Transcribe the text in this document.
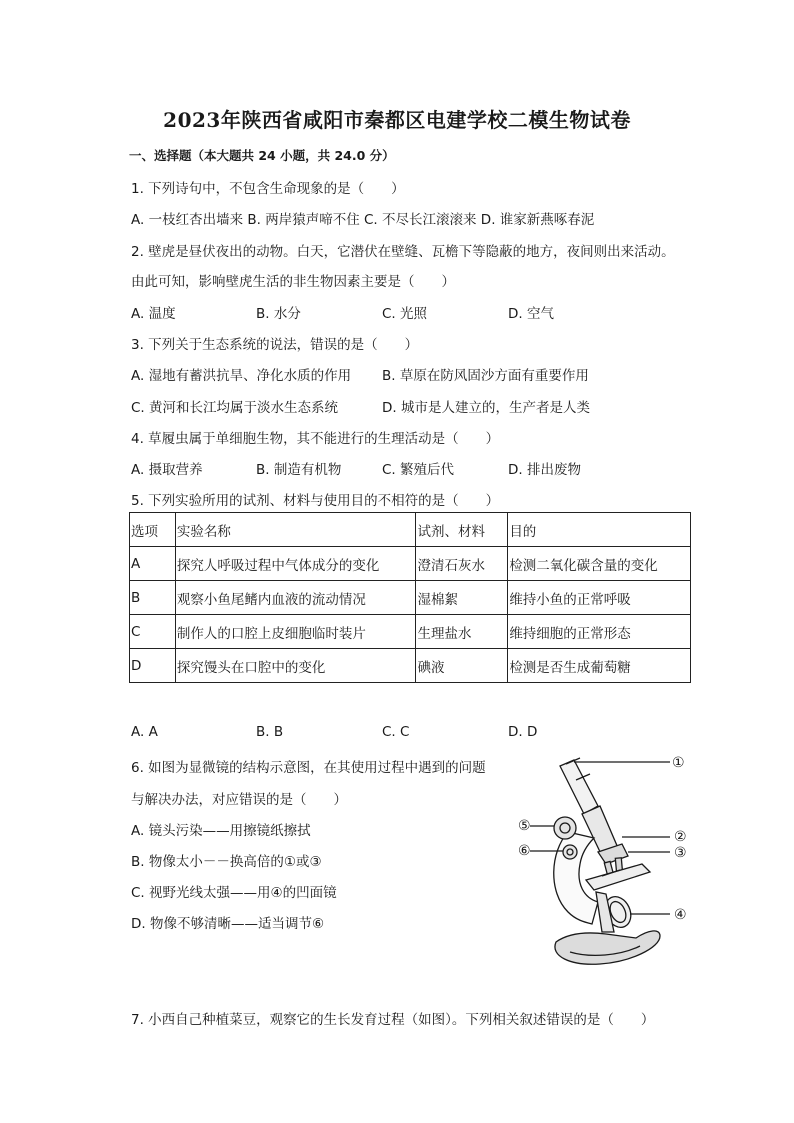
2023年陕西省咸阳市秦都区电建学校二模生物试卷
一、选择题（本大题共 24 小题，共 24.0 分）
1. 下列诗句中，不包含生命现象的是（　　）
A. 一枝红杏出墙来 B. 两岸猿声啼不住 C. 不尽长江滚滚来 D. 谁家新燕啄春泥
2. 壁虎是昼伏夜出的动物。白天，它潜伏在壁缝、瓦檐下等隐蔽的地方，夜间则出来活动。
由此可知，影响壁虎生活的非生物因素主要是（　　）
A. 温度	B. 水分	C. 光照	D. 空气
3. 下列关于生态系统的说法，错误的是（　　）
A. 湿地有蓄洪抗旱、净化水质的作用 B. 草原在防风固沙方面有重要作用
C. 黄河和长江均属于淡水生态系统	D. 城市是人建立的，生产者是人类
4. 草履虫属于单细胞生物，其不能进行的生理活动是（　　）
A. 摄取营养	B. 制造有机物	C. 繁殖后代	D. 排出废物
5. 下列实验所用的试剂、材料与使用目的不相符的是（　　）
选项	实验名称	试剂、材料	目的
A	探究人呼吸过程中气体成分的变化	澄清石灰水	检测二氧化碳含量的变化
B	观察小鱼尾鳍内血液的流动情况	湿棉絮	维持小鱼的正常呼吸
C	制作人的口腔上皮细胞临时装片	生理盐水	维持细胞的正常形态
D	探究馒头在口腔中的变化	碘液	检测是否生成葡萄糖
A. A	B. B	C. C	D. D
6. 如图为显微镜的结构示意图，在其使用过程中遇到的问题
与解决办法，对应错误的是（　　）
A. 镜头污染——用擦镜纸擦拭
B. 物像太小－－换高倍的①或③
C. 视野光线太强——用④的凹面镜
D. 物像不够清晰——适当调节⑥
①
②
③
④
⑤
⑥
7. 小西自己种植菜豆，观察它的生长发育过程（如图）。下列相关叙述错误的是（　　）
